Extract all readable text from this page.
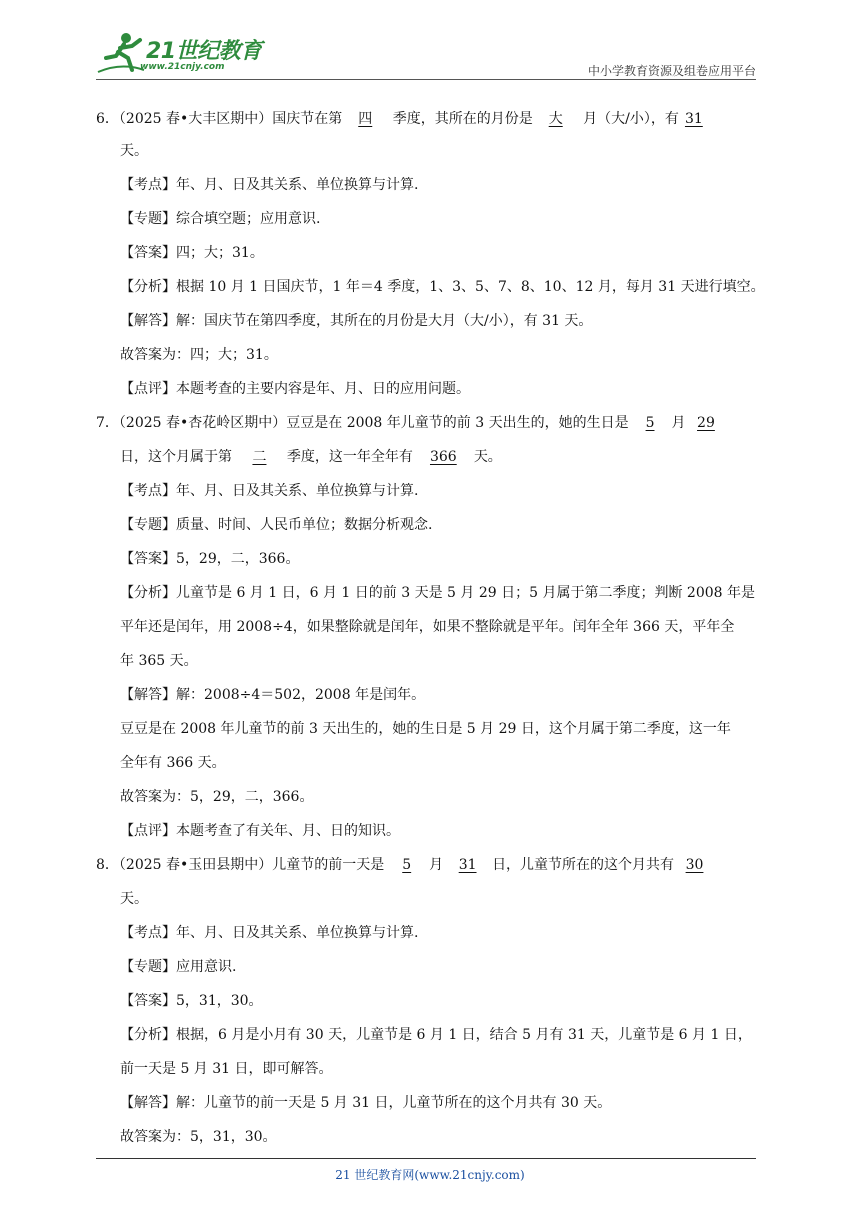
21世纪教育
www.21cnjy.com	中小学教育资源及组卷应用平台
6．（2025 春•大丰区期中）国庆节在第 四 季度，其所在的月份是 大 月（大/小），有 31
天。
【考点】年、月、日及其关系、单位换算与计算.
【专题】综合填空题；应用意识.
【答案】四；大；31。
【分析】根据 10 月 1 日国庆节，1 年＝4 季度，1、3、5、7、8、10、12 月，每月 31 天进行填空。
【解答】解：国庆节在第四季度，其所在的月份是大月（大/小），有 31 天。
故答案为：四；大；31。
【点评】本题考查的主要内容是年、月、日的应用问题。
7．（2025 春•杏花岭区期中）豆豆是在 2008 年儿童节的前 3 天出生的，她的生日是 5 月 29
日，这个月属于第 二 季度，这一年全年有 366 天。
【考点】年、月、日及其关系、单位换算与计算.
【专题】质量、时间、人民币单位；数据分析观念.
【答案】5，29，二，366。
【分析】儿童节是 6 月 1 日，6 月 1 日的前 3 天是 5 月 29 日；5 月属于第二季度；判断 2008 年是
平年还是闰年，用 2008÷4，如果整除就是闰年，如果不整除就是平年。闰年全年 366 天，平年全
年 365 天。
【解答】解：2008÷4＝502，2008 年是闰年。
豆豆是在 2008 年儿童节的前 3 天出生的，她的生日是 5 月 29 日，这个月属于第二季度，这一年
全年有 366 天。
故答案为：5，29，二，366。
【点评】本题考查了有关年、月、日的知识。
8．（2025 春•玉田县期中）儿童节的前一天是 5 月 31 日，儿童节所在的这个月共有 30
天。
【考点】年、月、日及其关系、单位换算与计算.
【专题】应用意识.
【答案】5，31，30。
【分析】根据，6 月是小月有 30 天，儿童节是 6 月 1 日，结合 5 月有 31 天，儿童节是 6 月 1 日，
前一天是 5 月 31 日，即可解答。
【解答】解：儿童节的前一天是 5 月 31 日，儿童节所在的这个月共有 30 天。
故答案为：5，31，30。
21 世纪教育网(www.21cnjy.com)
